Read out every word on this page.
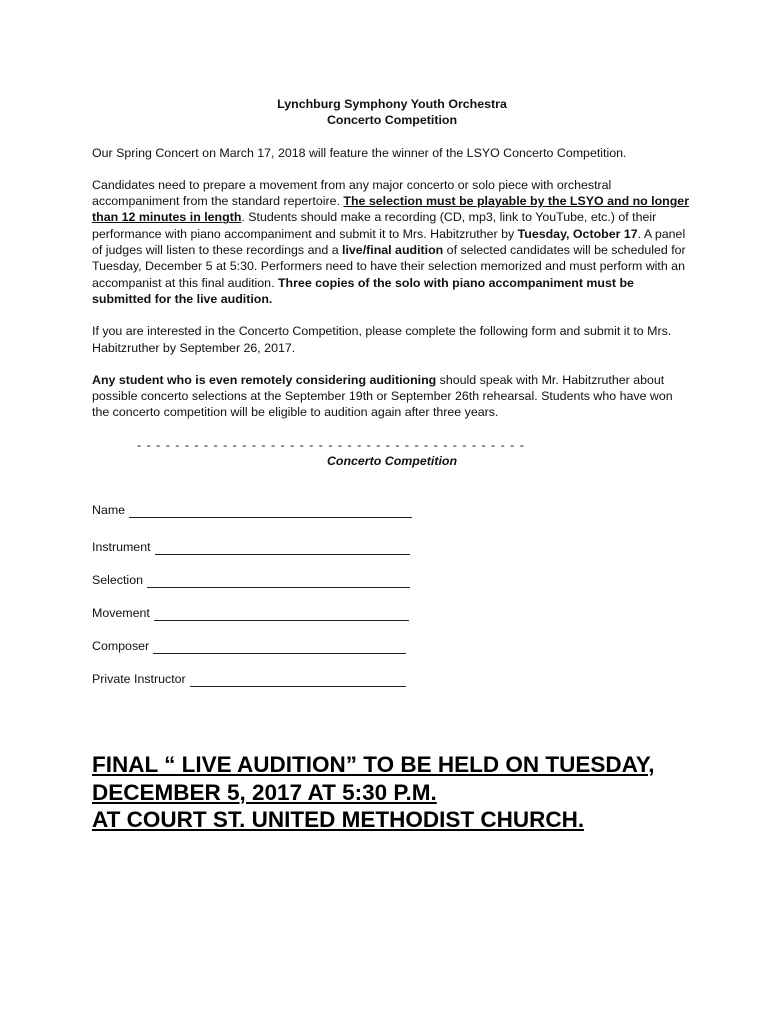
Lynchburg Symphony Youth Orchestra

Concerto Competition

Our Spring Concert on March 17, 2018 will feature the winner of the LSYO Concerto Competition.

Candidates need to prepare a movement from any major concerto or solo piece with orchestral accompaniment from the standard repertoire. The selection must be playable by the LSYO and no longer than 12 minutes in length. Students should make a recording (CD, mp3, link to YouTube, etc.) of their performance with piano accompaniment and submit it to Mrs. Habitzruther by Tuesday, October 17. A panel of judges will listen to these recordings and a live/final audition of selected candidates will be scheduled for Tuesday, December 5 at 5:30. Performers need to have their selection memorized and must perform with an accompanist at this final audition. Three copies of the solo with piano accompaniment must be submitted for the live audition.

If you are interested in the Concerto Competition, please complete the following form and submit it to Mrs. Habitzruther by September 26, 2017.

Any student who is even remotely considering auditioning should speak with Mr. Habitzruther about possible concerto selections at the September 19th or September 26th rehearsal. Students who have won the concerto competition will be eligible to audition again after three years.

- - - - - - - - - - - - - - - - - - - - - - - - - - - - - - - - - - - - - - - - -
Concerto Competition
Name
Instrument
Selection
Movement
Composer
Private Instructor
FINAL “ LIVE AUDITION” TO BE HELD ON TUESDAY,
DECEMBER 5, 2017 AT 5:30 P.M.
AT COURT ST. UNITED METHODIST CHURCH.
